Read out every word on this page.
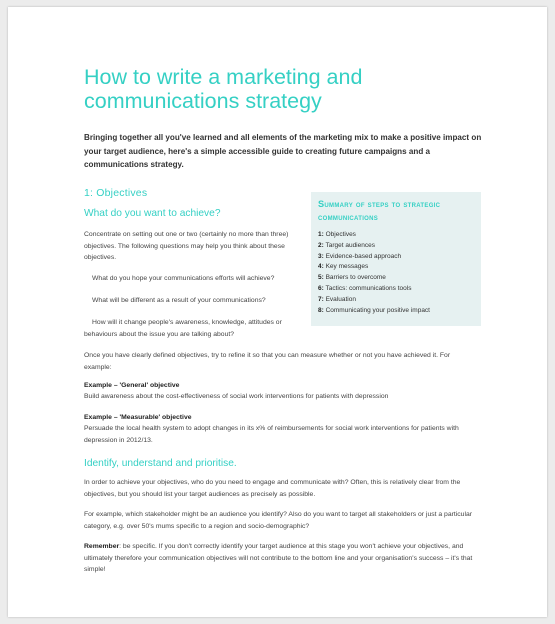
How to write a marketing and
communications strategy
Bringing together all you've learned and all elements of the marketing mix to make a positive impact on your target audience, here's a simple accessible guide to creating future campaigns and a communications strategy.
1: Objectives
What do you want to achieve?
Concentrate on setting out one or two (certainly no more than three) objectives. The following questions may help you think about these objectives.
What do you hope your communications efforts will achieve?
What will be different as a result of your communications?
How will it change people's awareness, knowledge, attitudes or behaviours about the issue you are talking about?
Summary of steps to strategic communications
1: Objectives
2: Target audiences
3: Evidence-based approach
4: Key messages
5: Barriers to overcome
6: Tactics: communications tools
7: Evaluation
8: Communicating your positive impact
Once you have clearly defined objectives, try to refine it so that you can measure whether or not you have achieved it. For example:
Example – 'General' objective
Build awareness about the cost-effectiveness of social work interventions for patients with depression
Example – 'Measurable' objective
Persuade the local health system to adopt changes in its x% of reimbursements for social work interventions for patients with depression in 2012/13.
Identify, understand and prioritise.
In order to achieve your objectives, who do you need to engage and communicate with? Often, this is relatively clear from the objectives, but you should list your target audiences as precisely as possible.
For example, which stakeholder might be an audience you identify? Also do you want to target all stakeholders or just a particular category, e.g. over 50's mums specific to a region and socio-demographic?
Remember: be specific. If you don't correctly identify your target audience at this stage you won't achieve your objectives, and ultimately therefore your communication objectives will not contribute to the bottom line and your organisation's success – it's that simple!
